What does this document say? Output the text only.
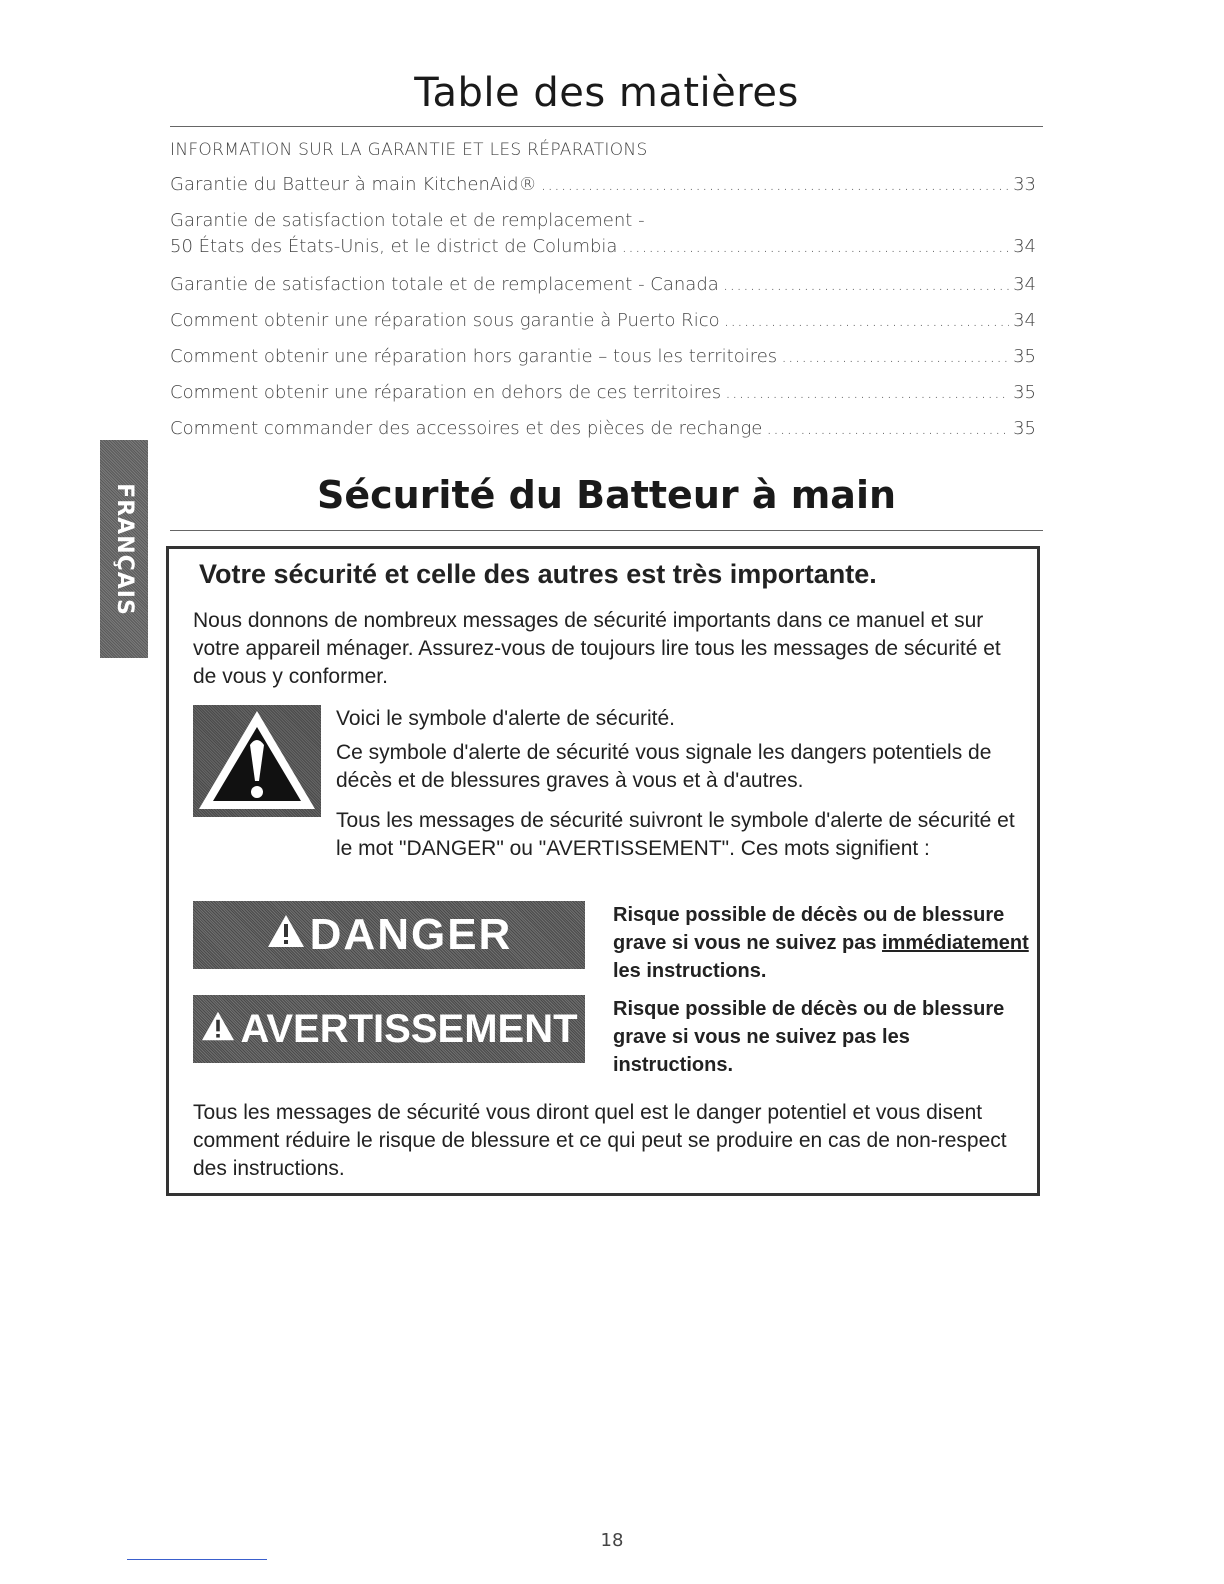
Table des matières
INFORMATION SUR LA GARANTIE ET LES RÉPARATIONS
Garantie du Batteur à main KitchenAid® .....	33
Garantie de satisfaction totale et de remplacement -
50 États des États-Unis, et le district de Columbia .....	34
Garantie de satisfaction totale et de remplacement - Canada .....	34
Comment obtenir une réparation sous garantie à Puerto Rico .....	34
Comment obtenir une réparation hors garantie – tous les territoires .....	35
Comment obtenir une réparation en dehors de ces territoires .....	35
Comment commander des accessoires et des pièces de rechange .....	35
FRANÇAIS	Sécurité du Batteur à main
Votre sécurité et celle des autres est très importante.
Nous donnons de nombreux messages de sécurité importants dans ce manuel et sur votre appareil ménager. Assurez-vous de toujours lire tous les messages de sécurité et de vous y conformer.
Voici le symbole d'alerte de sécurité.
Ce symbole d'alerte de sécurité vous signale les dangers potentiels de décès et de blessures graves à vous et à d'autres.
Tous les messages de sécurité suivront le symbole d'alerte de sécurité et le mot "DANGER" ou "AVERTISSEMENT". Ces mots signifient :
DANGER	Risque possible de décès ou de blessure grave si vous ne suivez pas immédiatement les instructions.
AVERTISSEMENT Risque possible de décès ou de blessure grave si vous ne suivez pas les instructions.
Tous les messages de sécurité vous diront quel est le danger potentiel et vous disent comment réduire le risque de blessure et ce qui peut se produire en cas de non-respect des instructions.
18
